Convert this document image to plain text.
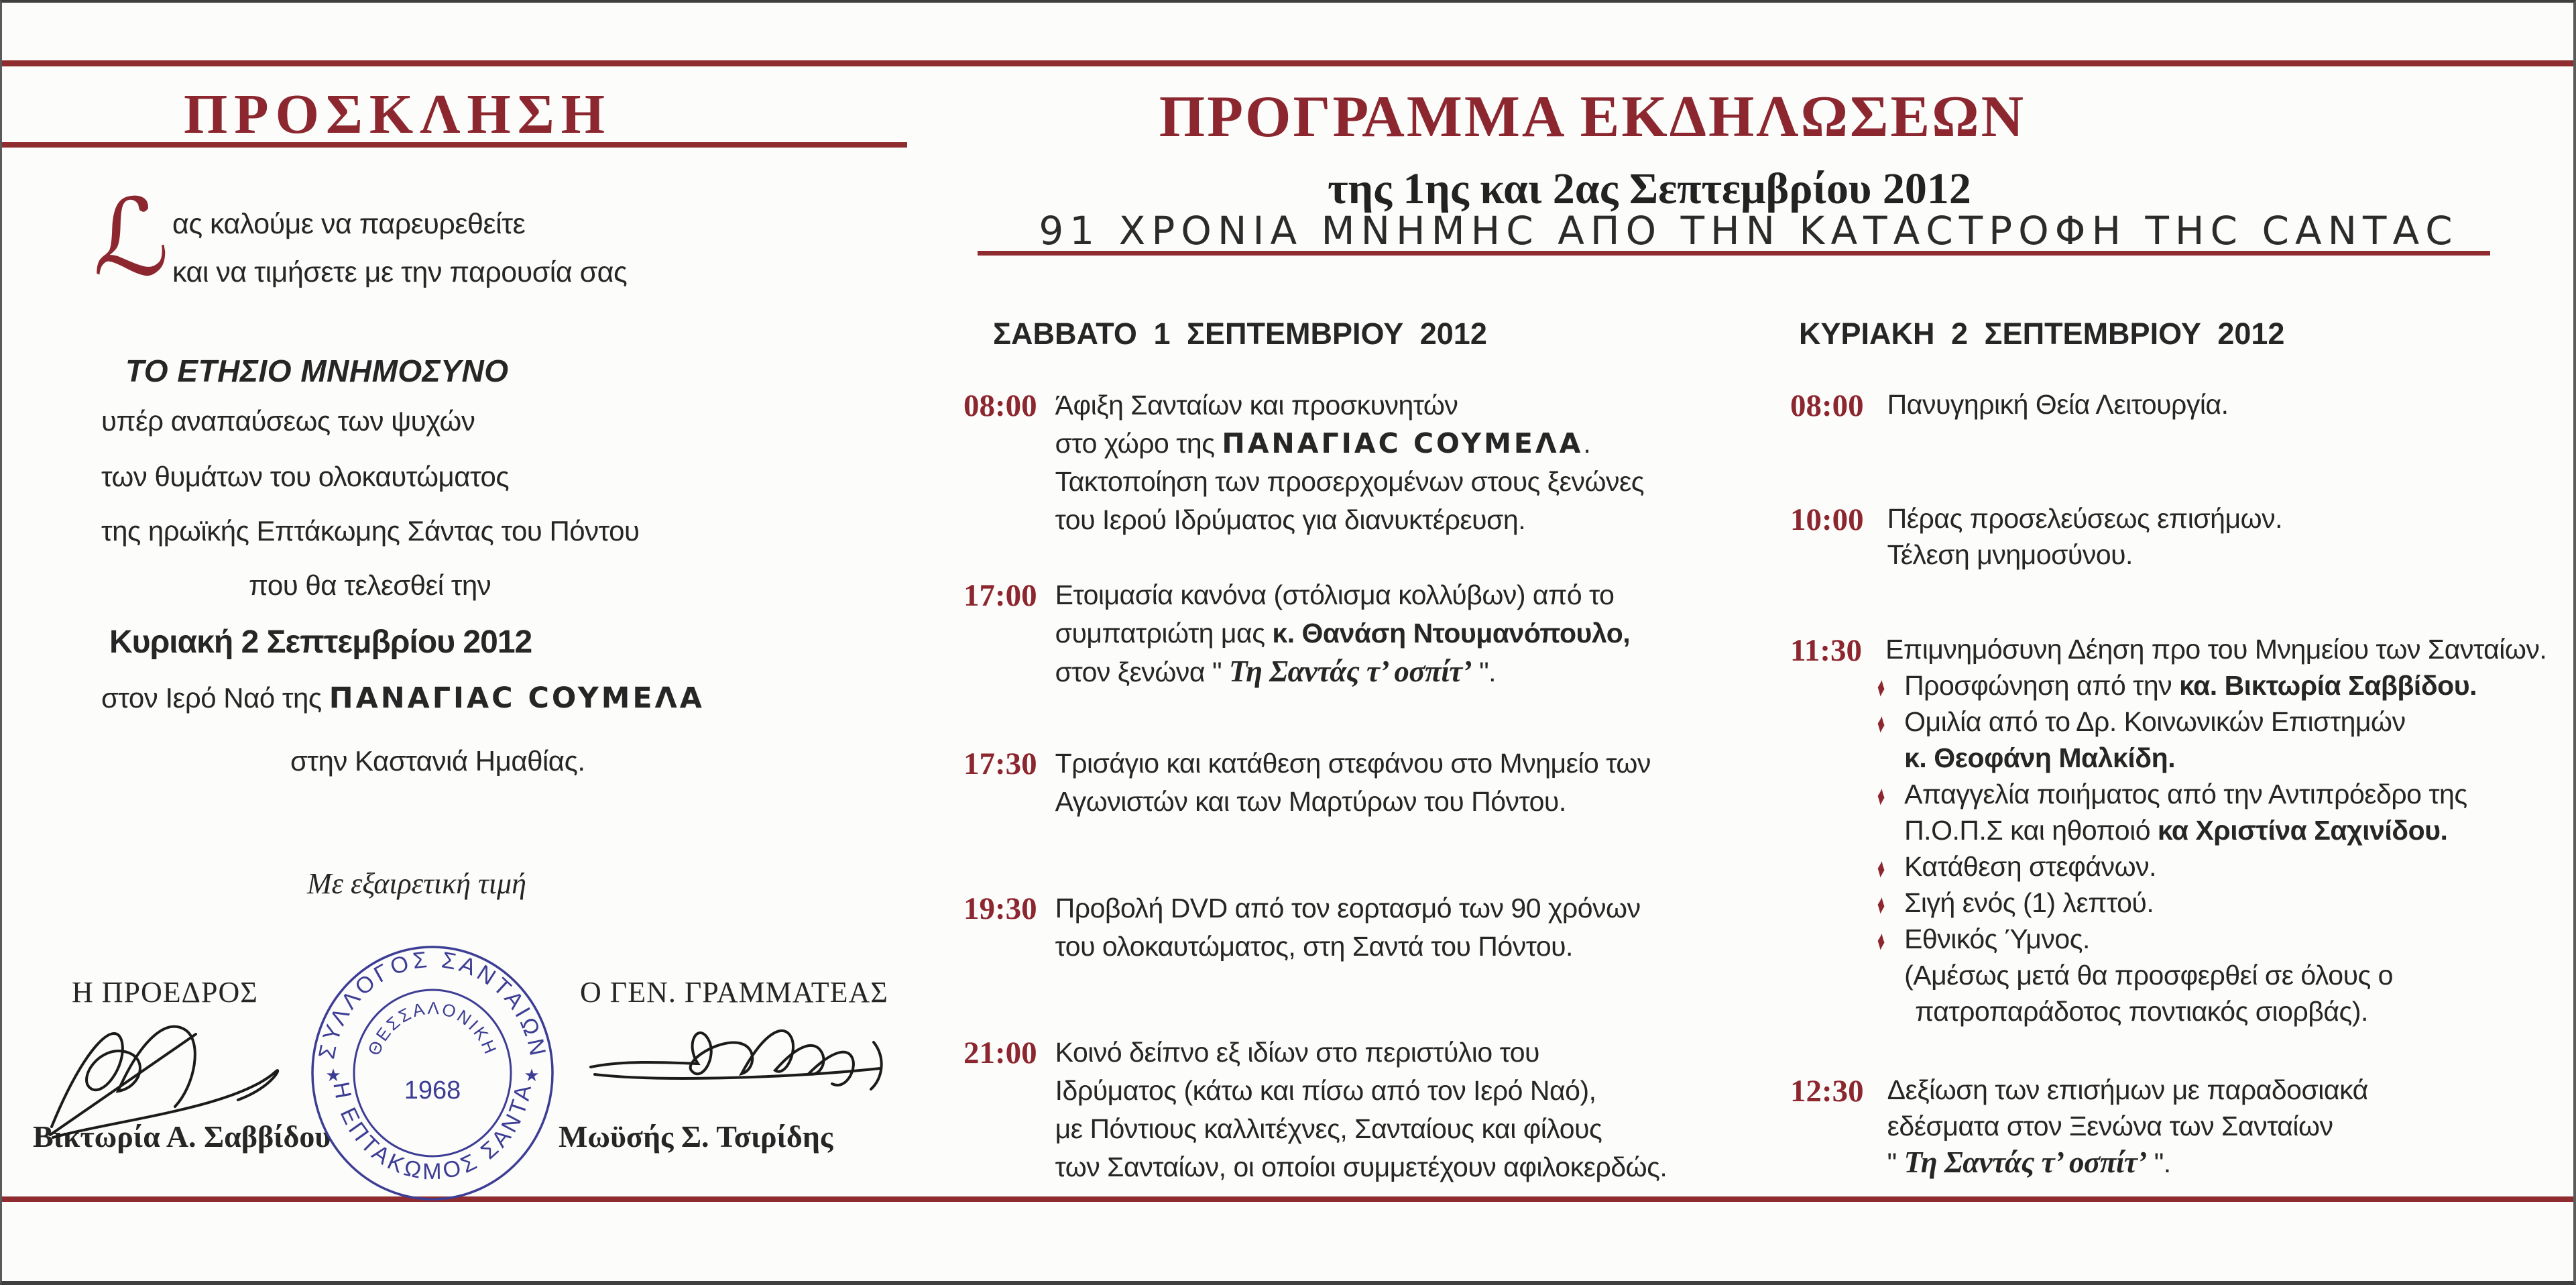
ΠΡΟΣΚΛΗΣΗ
ℒ ας καλούμε να παρευρεθείτε
και να τιμήσετε με την παρουσία σας
ΤΟ ΕΤΗΣΙΟ ΜΝΗΜΟΣΥΝΟ
υπέρ αναπαύσεως των ψυχών
των θυμάτων του ολοκαυτώματος
της ηρωϊκής Επτάκωμης Σάντας του Πόντου
που θα τελεσθεί την
Κυριακή 2 Σεπτεμβρίου 2012
στον Ιερό Ναό της ΠΑΝΑΓΙΑC COYΜΕΛΑ
στην Καστανιά Ημαθίας.
Με εξαιρετική τιμή
Η ΠΡΟΕΔΡΟΣ	Ο ΓΕΝ. ΓΡΑΜΜΑΤΕΑΣ
Βικτωρία Α. Σαββίδου	Μωϋσής Σ. Τσιρίδης
ΣΥΛΛΟΓΟΣ ΣΑΝΤΑΙΩΝ
Η ΕΠΤΑΚΩΜΟΣ ΣΑΝΤΑ
ΘΕΣΣΑΛΟΝΙΚΗ
1968
★	★
ΠΡΟΓΡΑΜΜΑ ΕΚΔΗΛΩΣΕΩΝ
της 1ης και 2ας Σεπτεμβρίου 2012
91 ΧΡΟΝΙΑ ΜΝΗΜΗC ΑΠΟ ΤΗΝ ΚΑΤΑCΤΡΟΦΗ ΤΗC CΑΝΤΑC
ΣΑΒΒΑΤΟ 1 ΣΕΠΤΕΜΒΡΙΟΥ 2012	ΚΥΡΙΑΚΗ 2 ΣΕΠΤΕΜΒΡΙΟΥ 2012
08:00 Άφιξη Σανταίων και προσκυνητών
στο χώρο της ΠΑΝΑΓΙΑC COYΜΕΛΑ.
Τακτοποίηση των προσερχομένων στους ξενώνες
του Ιερού Ιδρύματος για διανυκτέρευση.
17:00 Ετοιμασία κανόνα (στόλισμα κολλύβων) από το
συμπατριώτη μας κ. Θανάση Ντουμανόπουλο,
στον ξενώνα " Τη Σαντάς τ’ οσπίτ’ ".
17:30 Τρισάγιο και κατάθεση στεφάνου στο Μνημείο των
Αγωνιστών και των Μαρτύρων του Πόντου.
19:30 Προβολή DVD από τον εορτασμό των 90 χρόνων
του ολοκαυτώματος, στη Σαντά του Πόντου.
21:00 Κοινό δείπνο εξ ιδίων στο περιστύλιο του
Ιδρύματος (κάτω και πίσω από τον Ιερό Ναό),
με Πόντιους καλλιτέχνες, Σανταίους και φίλους
των Σανταίων, οι οποίοι συμμετέχουν αφιλοκερδώς.
08:00 Πανυγηρική Θεία Λειτουργία.
10:00 Πέρας προσελεύσεως επισήμων.
Τέλεση μνημοσύνου.
11:30 Επιμνημόσυνη Δέηση προ του Μνημείου των Σανταίων.
♦ Προσφώνηση από την κα. Βικτωρία Σαββίδου.
♦ Ομιλία από το Δρ. Κοινωνικών Επιστημών
κ. Θεοφάνη Μαλκίδη.
♦ Απαγγελία ποιήματος από την Αντιπρόεδρο της
Π.Ο.Π.Σ και ηθοποιό κα Χριστίνα Σαχινίδου.
♦ Κατάθεση στεφάνων.
♦ Σιγή ενός (1) λεπτού.
♦ Εθνικός Ύμνος.
(Αμέσως μετά θα προσφερθεί σε όλους ο
πατροπαράδοτος ποντιακός σιορβάς).
12:30 Δεξίωση των επισήμων με παραδοσιακά
εδέσματα στον Ξενώνα των Σανταίων
" Τη Σαντάς τ’ οσπίτ’ ".
